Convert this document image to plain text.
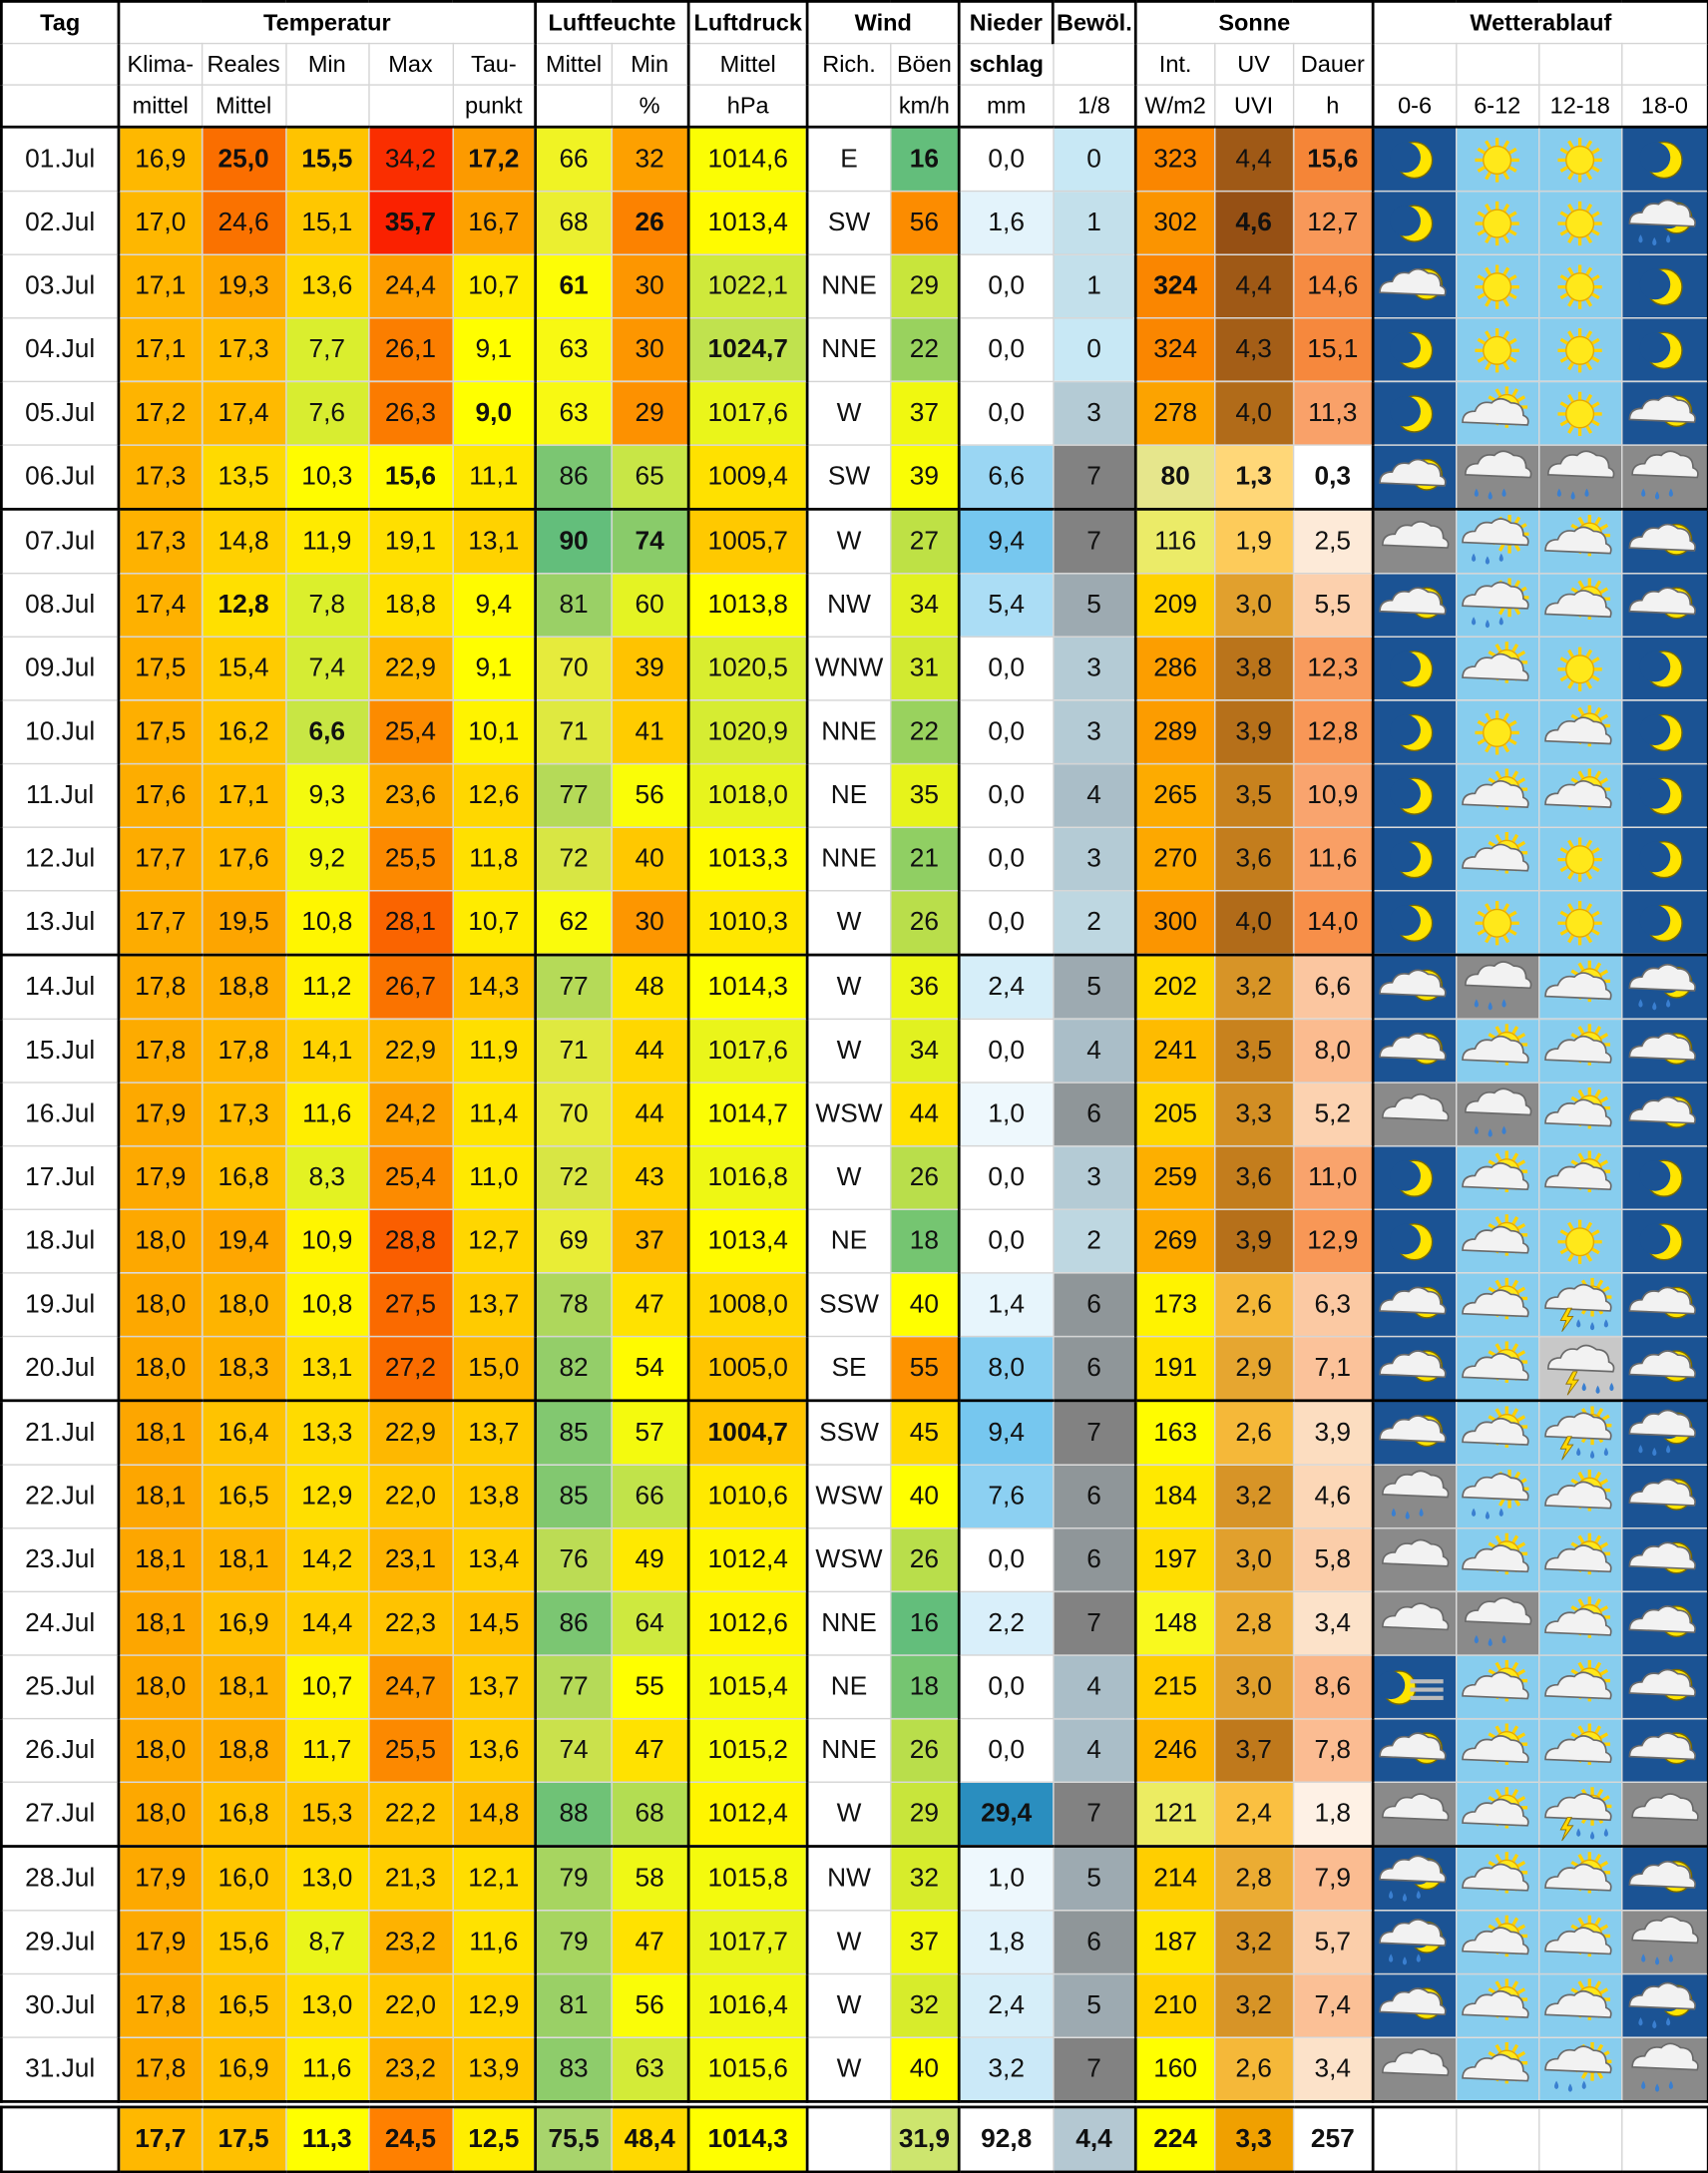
Tag	Temperatur					Luftfeuchte		Luftdruck	Wind		Nieder	Bewöl.	Sonne			Wetterablauf			
	Klima-	Reales	Min	Max	Tau-	Mittel	Min	Mittel	Rich.	Böen	schlag		Int.	UV	Dauer				
	mittel	Mittel			punkt		%	hPa		km/h	mm	1/8	W/m2	UVI	h	0-6	6-12	12-18	18-0
01.Jul	16,9	25,0	15,5	34,2	17,2	66	32	1014,6	E	16	0,0	0	323	4,4	15,6	

02.Jul	17,0	24,6	15,1	35,7	16,7	68	26	1013,4	SW	56	1,6	1	302	4,6	12,7	

03.Jul	17,1	19,3	13,6	24,4	10,7	61	30	1022,1	NNE	29	0,0	1	324	4,4	14,6	

04.Jul	17,1	17,3	7,7	26,1	9,1	63	30	1024,7	NNE	22	0,0	0	324	4,3	15,1	

05.Jul	17,2	17,4	7,6	26,3	9,0	63	29	1017,6	W	37	0,0	3	278	4,0	11,3	

06.Jul	17,3	13,5	10,3	15,6	11,1	86	65	1009,4	SW	39	6,6	7	80	1,3	0,3	

07.Jul	17,3	14,8	11,9	19,1	13,1	90	74	1005,7	W	27	9,4	7	116	1,9	2,5	

08.Jul	17,4	12,8	7,8	18,8	9,4	81	60	1013,8	NW	34	5,4	5	209	3,0	5,5	

09.Jul	17,5	15,4	7,4	22,9	9,1	70	39	1020,5	WNW	31	0,0	3	286	3,8	12,3	

10.Jul	17,5	16,2	6,6	25,4	10,1	71	41	1020,9	NNE	22	0,0	3	289	3,9	12,8	

11.Jul	17,6	17,1	9,3	23,6	12,6	77	56	1018,0	NE	35	0,0	4	265	3,5	10,9	

12.Jul	17,7	17,6	9,2	25,5	11,8	72	40	1013,3	NNE	21	0,0	3	270	3,6	11,6	

13.Jul	17,7	19,5	10,8	28,1	10,7	62	30	1010,3	W	26	0,0	2	300	4,0	14,0	

14.Jul	17,8	18,8	11,2	26,7	14,3	77	48	1014,3	W	36	2,4	5	202	3,2	6,6	

15.Jul	17,8	17,8	14,1	22,9	11,9	71	44	1017,6	W	34	0,0	4	241	3,5	8,0	

16.Jul	17,9	17,3	11,6	24,2	11,4	70	44	1014,7	WSW	44	1,0	6	205	3,3	5,2	

17.Jul	17,9	16,8	8,3	25,4	11,0	72	43	1016,8	W	26	0,0	3	259	3,6	11,0	

18.Jul	18,0	19,4	10,9	28,8	12,7	69	37	1013,4	NE	18	0,0	2	269	3,9	12,9	

19.Jul	18,0	18,0	10,8	27,5	13,7	78	47	1008,0	SSW	40	1,4	6	173	2,6	6,3	

20.Jul	18,0	18,3	13,1	27,2	15,0	82	54	1005,0	SE	55	8,0	6	191	2,9	7,1	

21.Jul	18,1	16,4	13,3	22,9	13,7	85	57	1004,7	SSW	45	9,4	7	163	2,6	3,9	

22.Jul	18,1	16,5	12,9	22,0	13,8	85	66	1010,6	WSW	40	7,6	6	184	3,2	4,6	

23.Jul	18,1	18,1	14,2	23,1	13,4	76	49	1012,4	WSW	26	0,0	6	197	3,0	5,8	

24.Jul	18,1	16,9	14,4	22,3	14,5	86	64	1012,6	NNE	16	2,2	7	148	2,8	3,4	

25.Jul	18,0	18,1	10,7	24,7	13,7	77	55	1015,4	NE	18	0,0	4	215	3,0	8,6	

26.Jul	18,0	18,8	11,7	25,5	13,6	74	47	1015,2	NNE	26	0,0	4	246	3,7	7,8	

27.Jul	18,0	16,8	15,3	22,2	14,8	88	68	1012,4	W	29	29,4	7	121	2,4	1,8	

28.Jul	17,9	16,0	13,0	21,3	12,1	79	58	1015,8	NW	32	1,0	5	214	2,8	7,9	

29.Jul	17,9	15,6	8,7	23,2	11,6	79	47	1017,7	W	37	1,8	6	187	3,2	5,7	

30.Jul	17,8	16,5	13,0	22,0	12,9	81	56	1016,4	W	32	2,4	5	210	3,2	7,4	

31.Jul	17,8	16,9	11,6	23,2	13,9	83	63	1015,6	W	40	3,2	7	160	2,6	3,4	

	17,7	17,5	11,3	24,5	12,5	75,5	48,4	1014,3		31,9	92,8	4,4	224	3,3	257				
